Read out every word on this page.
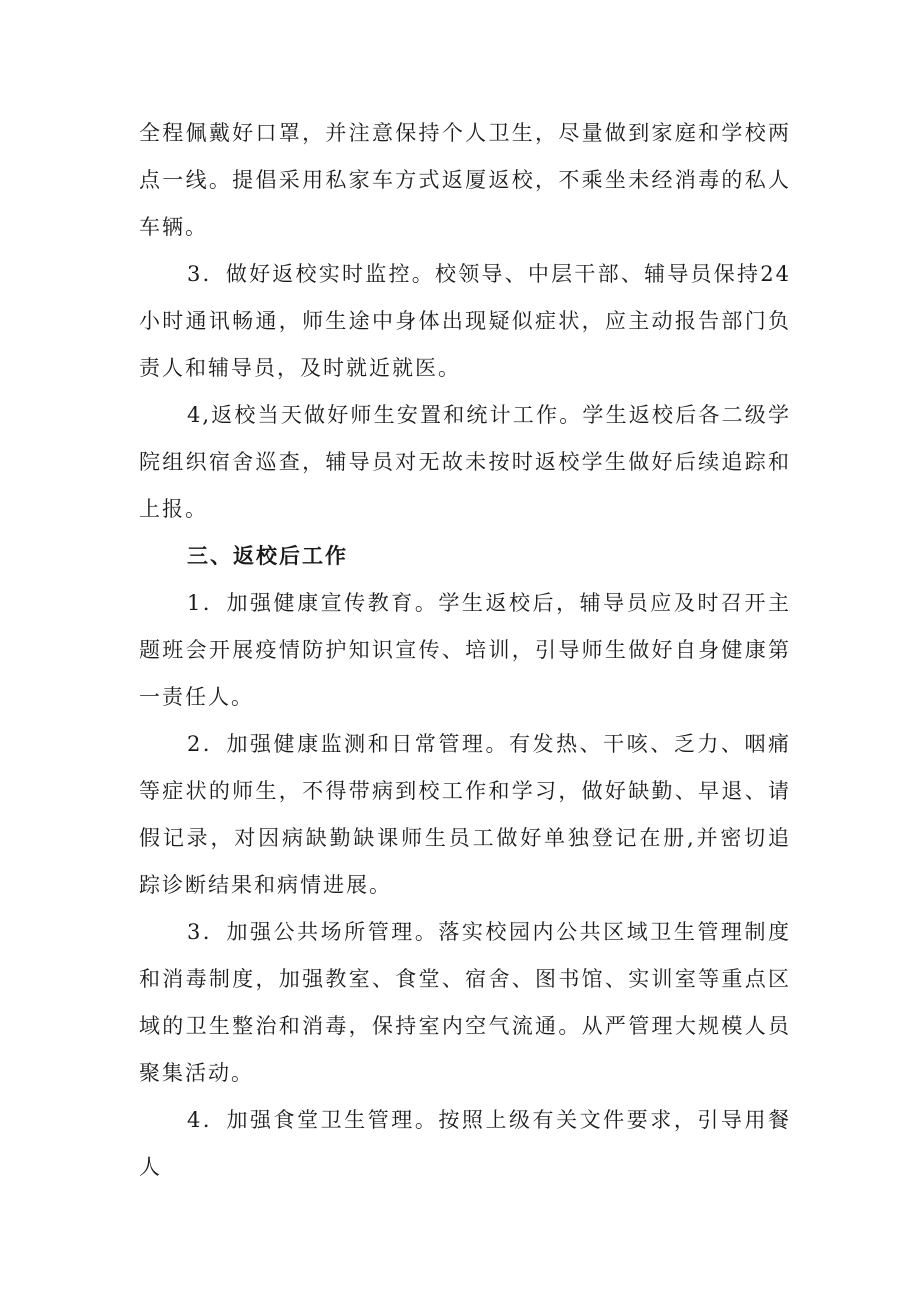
全程佩戴好口罩，并注意保持个人卫生，尽量做到家庭和学校两点一线。提倡采用私家车方式返厦返校，不乘坐未经消毒的私人车辆。

3．做好返校实时监控。校领导、中层干部、辅导员保持24小时通讯畅通，师生途中身体出现疑似症状，应主动报告部门负责人和辅导员，及时就近就医。

4,返校当天做好师生安置和统计工作。学生返校后各二级学院组织宿舍巡查，辅导员对无故未按时返校学生做好后续追踪和上报。

三、返校后工作

1．加强健康宣传教育。学生返校后，辅导员应及时召开主题班会开展疫情防护知识宣传、培训，引导师生做好自身健康第一责任人。

2．加强健康监测和日常管理。有发热、干咳、乏力、咽痛等症状的师生，不得带病到校工作和学习，做好缺勤、早退、请假记录，对因病缺勤缺课师生员工做好单独登记在册,并密切追踪诊断结果和病情进展。

3．加强公共场所管理。落实校园内公共区域卫生管理制度和消毒制度，加强教室、食堂、宿舍、图书馆、实训室等重点区域的卫生整治和消毒，保持室内空气流通。从严管理大规模人员聚集活动。

4．加强食堂卫生管理。按照上级有关文件要求，引导用餐人
